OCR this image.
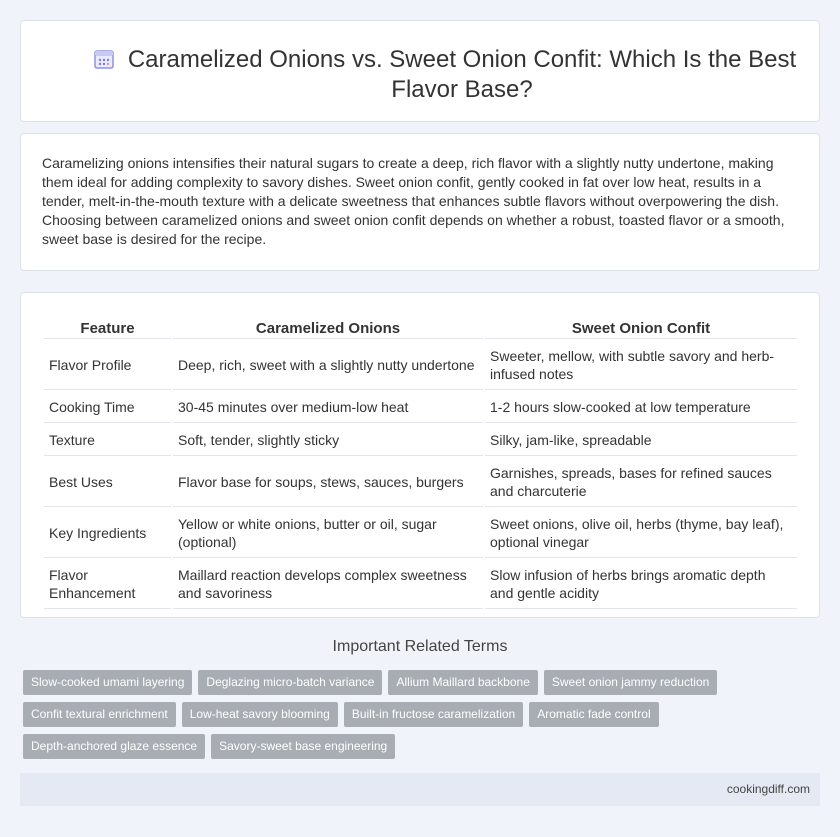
Caramelized Onions vs. Sweet Onion Confit: Which Is the Best Flavor Base?

Caramelizing onions intensifies their natural sugars to create a deep, rich flavor with a slightly nutty undertone, making them ideal for adding complexity to savory dishes. Sweet onion confit, gently cooked in fat over low heat, results in a tender, melt-in-the-mouth texture with a delicate sweetness that enhances subtle flavors without overpowering the dish. Choosing between caramelized onions and sweet onion confit depends on whether a robust, toasted flavor or a smooth, sweet base is desired for the recipe.

Feature	Caramelized Onions	Sweet Onion Confit
Flavor Profile	Deep, rich, sweet with a slightly nutty undertone	Sweeter, mellow, with subtle savory and herb-infused notes
Cooking Time	30-45 minutes over medium-low heat	1-2 hours slow-cooked at low temperature
Texture	Soft, tender, slightly sticky	Silky, jam-like, spreadable
Best Uses	Flavor base for soups, stews, sauces, burgers	Garnishes, spreads, bases for refined sauces and charcuterie
Key Ingredients	Yellow or white onions, butter or oil, sugar (optional)	Sweet onions, olive oil, herbs (thyme, bay leaf), optional vinegar
Flavor Enhancement	Maillard reaction develops complex sweetness and savoriness	Slow infusion of herbs brings aromatic depth and gentle acidity
Important Related Terms
Slow-cooked umami layering	Deglazing micro-batch variance	Allium Maillard backbone	Sweet onion jammy reduction
Confit textural enrichment	Low-heat savory blooming	Built-in fructose caramelization	Aromatic fade control
Depth-anchored glaze essence	Savory-sweet base engineering
cookingdiff.com
